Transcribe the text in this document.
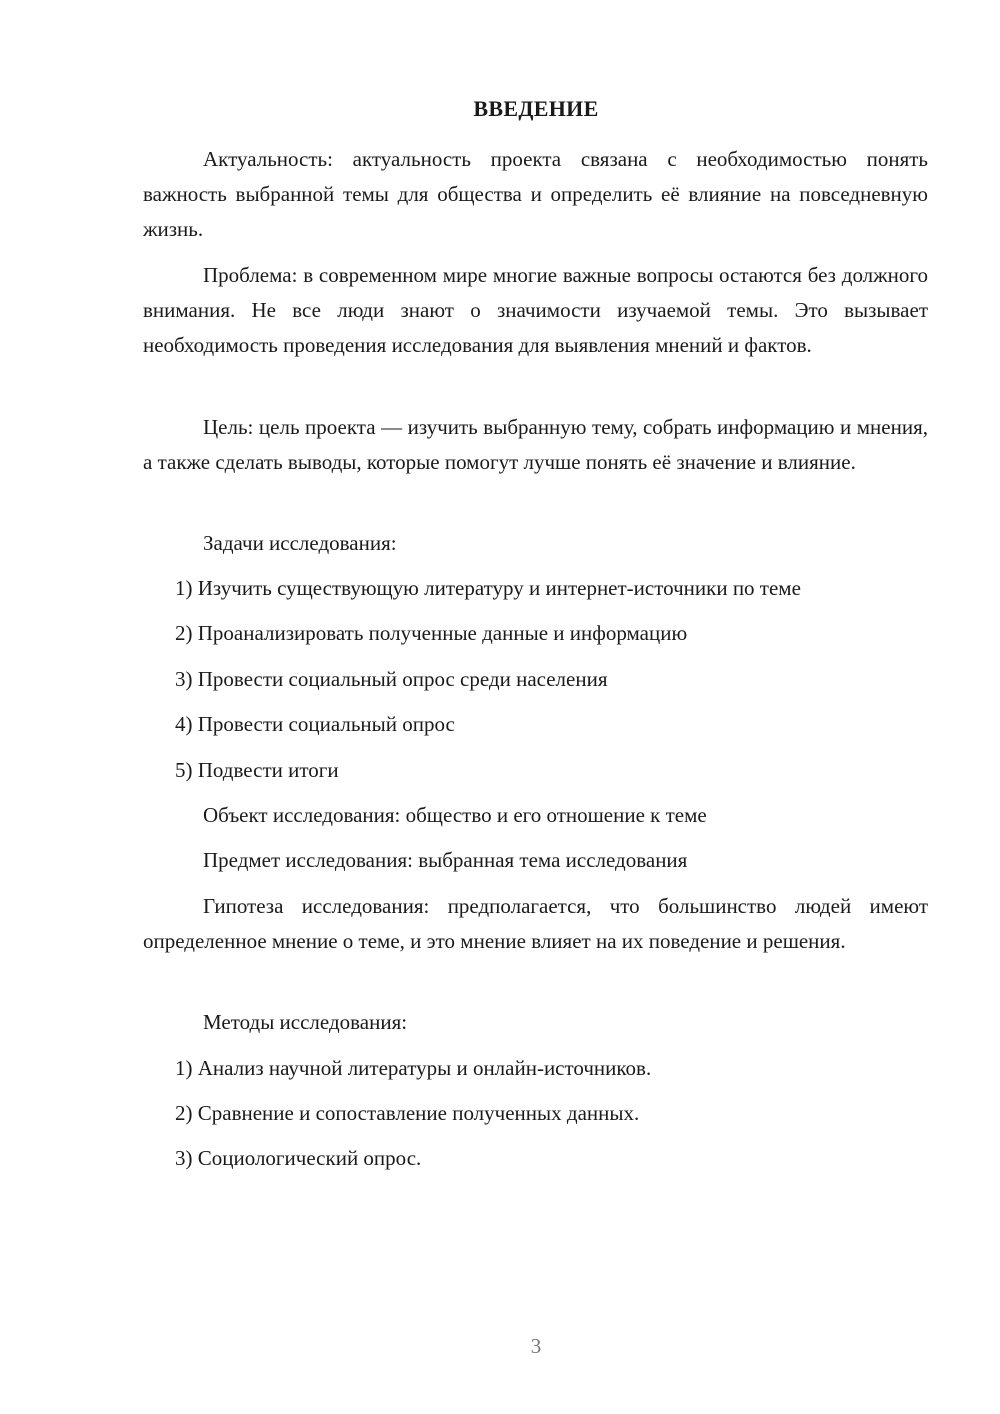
ВВЕДЕНИЕ

Актуальность: актуальность проекта связана с необходимостью понять важность выбранной темы для общества и определить её влияние на повседневную жизнь.

Проблема: в современном мире многие важные вопросы остаются без должного внимания. Не все люди знают о значимости изучаемой темы. Это вызывает необходимость проведения исследования для выявления мнений и фактов.

Цель: цель проекта — изучить выбранную тему, собрать информацию и мнения, а также сделать выводы, которые помогут лучше понять её значение и влияние.

Задачи исследования:

1) Изучить существующую литературу и интернет-источники по теме

2) Проанализировать полученные данные и информацию

3) Провести социальный опрос среди населения

4) Провести социальный опрос

5) Подвести итоги

Объект исследования: общество и его отношение к теме

Предмет исследования: выбранная тема исследования

Гипотеза исследования: предполагается, что большинство людей имеют определенное мнение о теме, и это мнение влияет на их поведение и решения.

Методы исследования:

1) Анализ научной литературы и онлайн-источников.

2) Сравнение и сопоставление полученных данных.

3) Социологический опрос.

3
